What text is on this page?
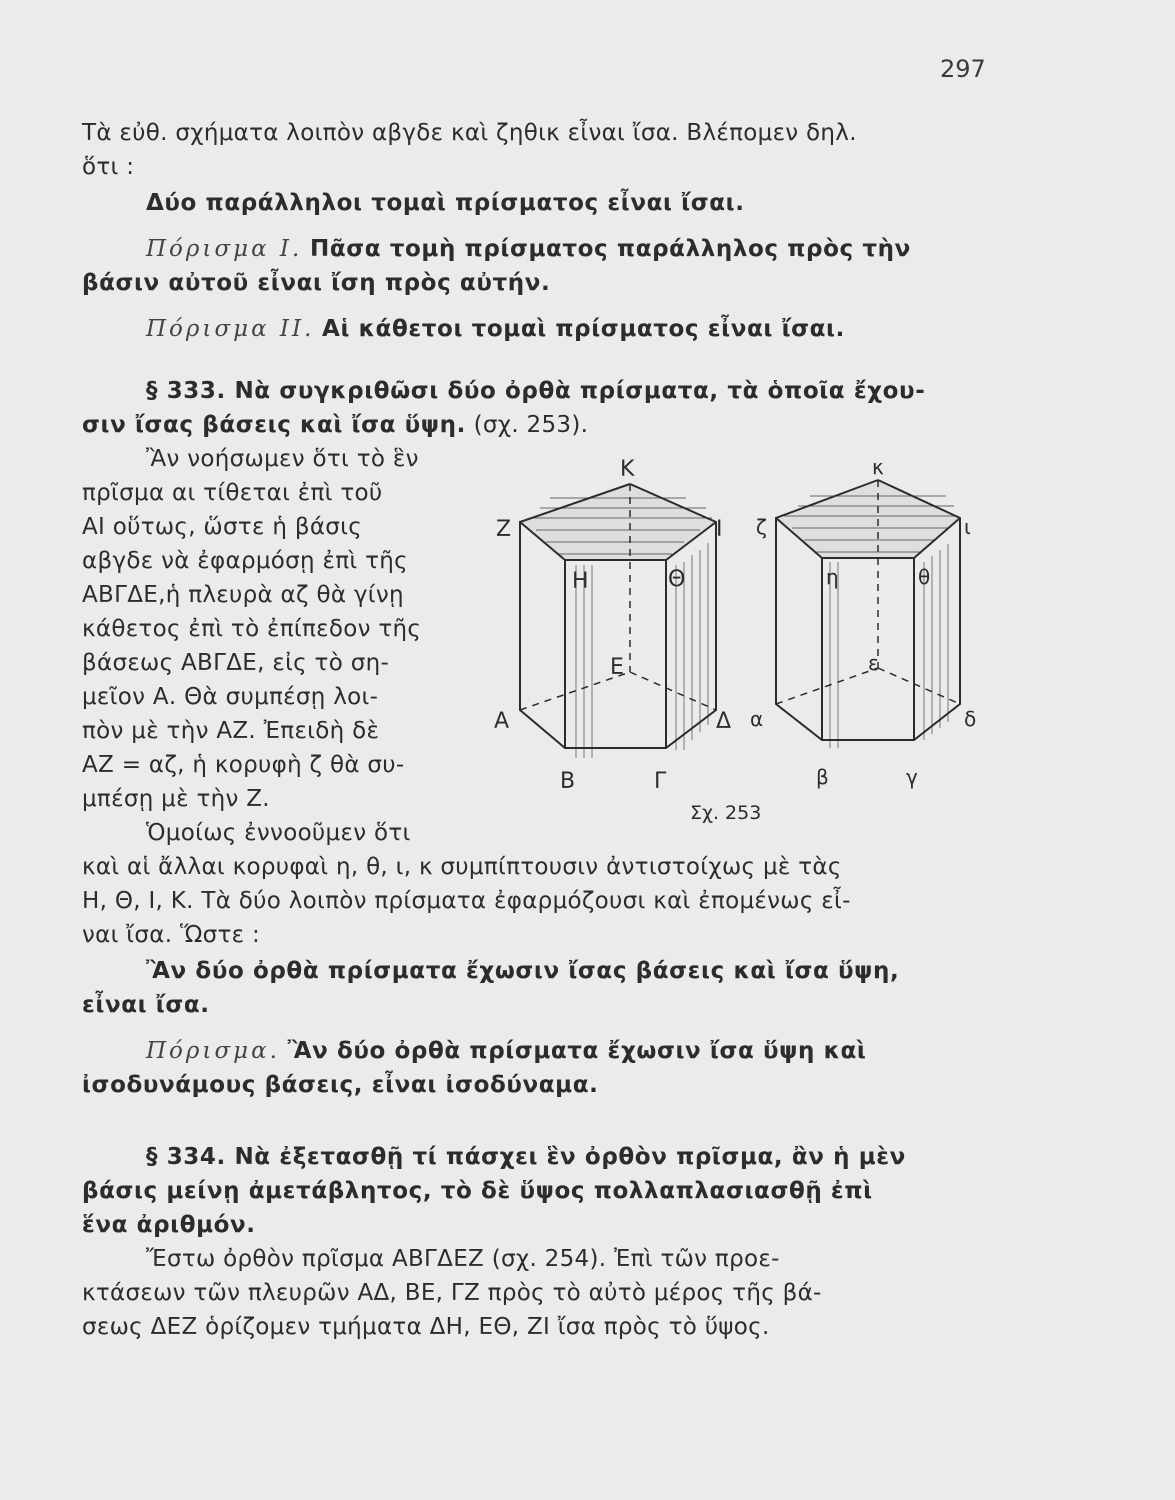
297
Τὰ εὐθ. σχήματα λοιπὸν αβγδε καὶ ζηθικ εἶναι ἴσα. Βλέπομεν δηλ.
ὅτι :
Δύο παράλληλοι τομαὶ πρίσματος εἶναι ἴσαι.
Πόρισμα Ι. Πᾶσα τομὴ πρίσματος παράλληλος πρὸς τὴν
βάσιν αὐτοῦ εἶναι ἴση πρὸς αὐτήν.
Πόρισμα ΙΙ. Αἱ κάθετοι τομαὶ πρίσματος εἶναι ἴσαι.
§ 333. Νὰ συγκριθῶσι δύο ὀρθὰ πρίσματα, τὰ ὁποῖα ἔχου-
σιν ἴσας βάσεις καὶ ἴσα ὕψη. (σχ. 253).
Ἂν νοήσωμεν ὅτι τὸ ἓν
πρῖσμα αι τίθεται ἐπὶ τοῦ
ΑΙ οὕτως, ὥστε ἡ βάσις
αβγδε νὰ ἐφαρμόσῃ ἐπὶ τῆς
ΑΒΓΔΕ,ἡ πλευρὰ αζ θὰ γίνῃ
κάθετος ἐπὶ τὸ ἐπίπεδον τῆς
βάσεως ΑΒΓΔΕ, εἰς τὸ ση-
μεῖον Α. Θὰ συμπέσῃ λοι-
πὸν μὲ τὴν ΑΖ. Ἐπειδὴ δὲ
ΑΖ = αζ, ἡ κορυφὴ ζ θὰ συ-
μπέσῃ μὲ τὴν Ζ.
Ὁμοίως ἐννοοῦμεν ὅτι
Κ
Ζ	Ι
Η	Θ
Ε
Α	Δ
Β	Γ
κ
ζ	ι
η	θ
ε
α	δ
β	γ
Σχ. 253
καὶ αἱ ἄλλαι κορυφαὶ η, θ, ι, κ συμπίπτουσιν ἀντιστοίχως μὲ τὰς
Η, Θ, Ι, Κ. Τὰ δύο λοιπὸν πρίσματα ἐφαρμόζουσι καὶ ἐπομένως εἶ-
ναι ἴσα. Ὥστε :
Ἂν δύο ὀρθὰ πρίσματα ἔχωσιν ἴσας βάσεις καὶ ἴσα ὕψη,
εἶναι ἴσα.
Πόρισμα. Ἂν δύο ὀρθὰ πρίσματα ἔχωσιν ἴσα ὕψη καὶ
ἰσοδυνάμους βάσεις, εἶναι ἰσοδύναμα.
§ 334. Νὰ ἐξετασθῇ τί πάσχει ἓν ὀρθὸν πρῖσμα, ἂν ἡ μὲν
βάσις μείνῃ ἀμετάβλητος, τὸ δὲ ὕψος πολλαπλασιασθῇ ἐπὶ
ἕνα ἀριθμόν.
Ἔστω ὀρθὸν πρῖσμα ΑΒΓΔΕΖ (σχ. 254). Ἐπὶ τῶν προε-
κτάσεων τῶν πλευρῶν ΑΔ, ΒΕ, ΓΖ πρὸς τὸ αὐτὸ μέρος τῆς βά-
σεως ΔΕΖ ὁρίζομεν τμήματα ΔΗ, ΕΘ, ΖΙ ἴσα πρὸς τὸ ὕψος.
